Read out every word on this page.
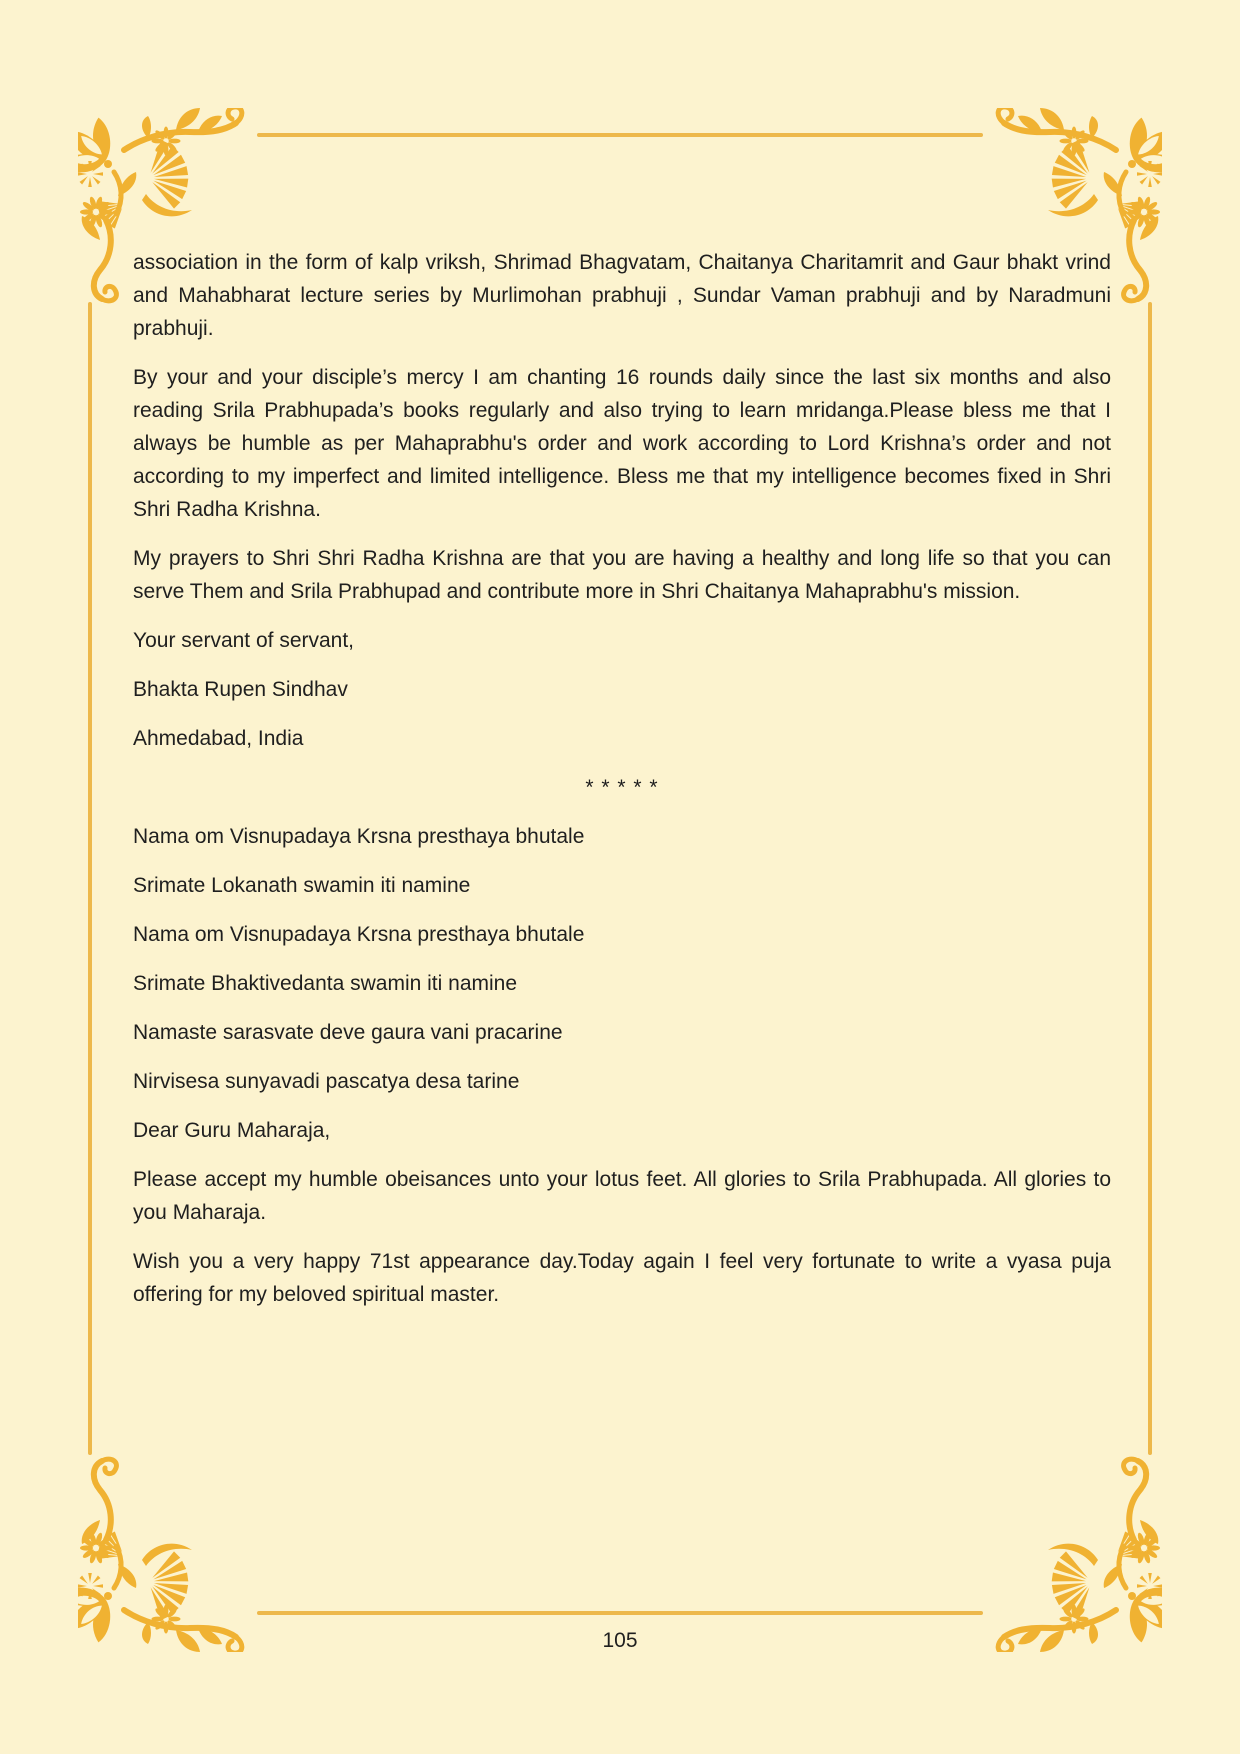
association in the form of kalp vriksh, Shrimad Bhagvatam, Chaitanya Charitamrit and Gaur bhakt vrind and Mahabharat lecture series by Murlimohan prabhuji , Sundar Vaman prabhuji and by Naradmuni prabhuji.

By your and your disciple’s mercy I am chanting 16 rounds daily since the last six months and also reading Srila Prabhupada’s books regularly and also trying to learn mridanga.Please bless me that I always be humble as per Mahaprabhu's order and work according to Lord Krishna’s order and not according to my imperfect and limited intelligence. Bless me that my intelligence becomes fixed in Shri Shri Radha Krishna.

My prayers to Shri Shri Radha Krishna are that you are having a healthy and long life so that you can serve Them and Srila Prabhupad and contribute more in Shri Chaitanya Mahaprabhu's mission.

Your servant of servant,

Bhakta Rupen Sindhav

Ahmedabad, India

* * * * *

Nama om Visnupadaya Krsna presthaya bhutale

Srimate Lokanath swamin iti namine

Nama om Visnupadaya Krsna presthaya bhutale

Srimate Bhaktivedanta swamin iti namine

Namaste sarasvate deve gaura vani pracarine

Nirvisesa sunyavadi pascatya desa tarine

Dear Guru Maharaja,

Please accept my humble obeisances unto your lotus feet. All glories to Srila Prabhupada. All glories to you Maharaja.

Wish you a very happy 71st appearance day.Today again I feel very fortunate to write a vyasa puja offering for my beloved spiritual master.

105
